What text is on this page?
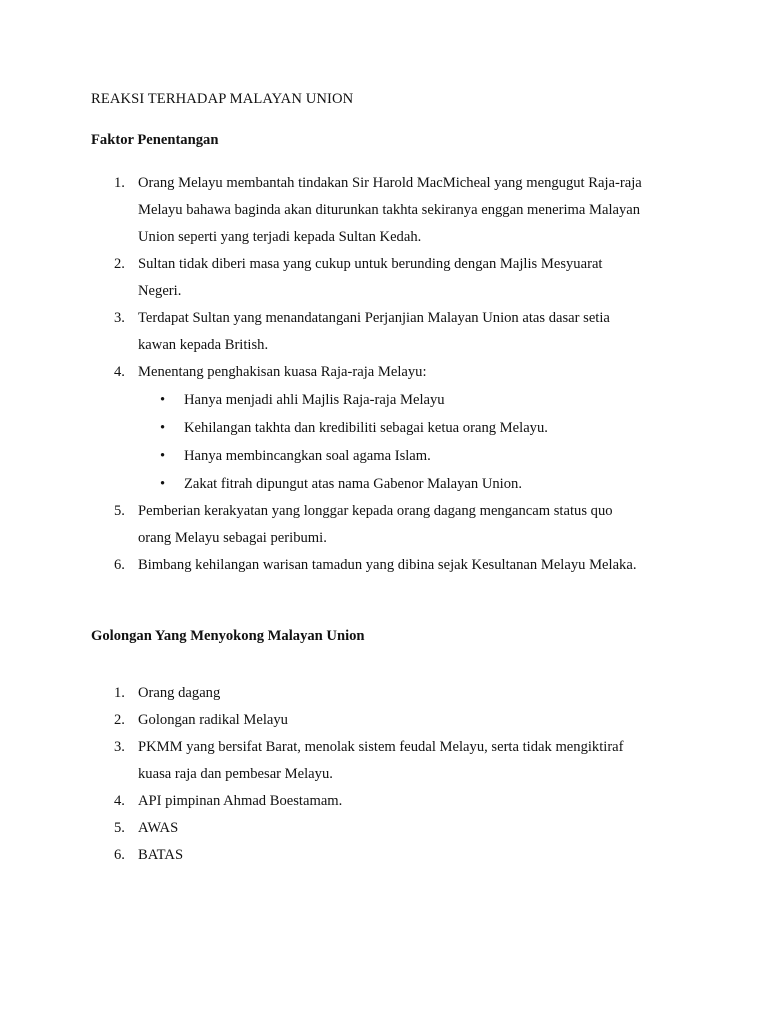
REAKSI TERHADAP MALAYAN UNION
Faktor Penentangan
1. Orang Melayu membantah tindakan Sir Harold MacMicheal yang mengugut Raja-raja
Melayu bahawa baginda akan diturunkan takhta sekiranya enggan menerima Malayan
Union seperti yang terjadi kepada Sultan Kedah.
2. Sultan tidak diberi masa yang cukup untuk berunding dengan Majlis Mesyuarat
Negeri.
3. Terdapat Sultan yang menandatangani Perjanjian Malayan Union atas dasar setia
kawan kepada British.
4. Menentang penghakisan kuasa Raja-raja Melayu:
• Hanya menjadi ahli Majlis Raja-raja Melayu
• Kehilangan takhta dan kredibiliti sebagai ketua orang Melayu.
• Hanya membincangkan soal agama Islam.
• Zakat fitrah dipungut atas nama Gabenor Malayan Union.
5. Pemberian kerakyatan yang longgar kepada orang dagang mengancam status quo
orang Melayu sebagai peribumi.
6. Bimbang kehilangan warisan tamadun yang dibina sejak Kesultanan Melayu Melaka.
Golongan Yang Menyokong Malayan Union
1. Orang dagang
2. Golongan radikal Melayu
3. PKMM yang bersifat Barat, menolak sistem feudal Melayu, serta tidak mengiktiraf
kuasa raja dan pembesar Melayu.
4. API pimpinan Ahmad Boestamam.
5. AWAS
6. BATAS
